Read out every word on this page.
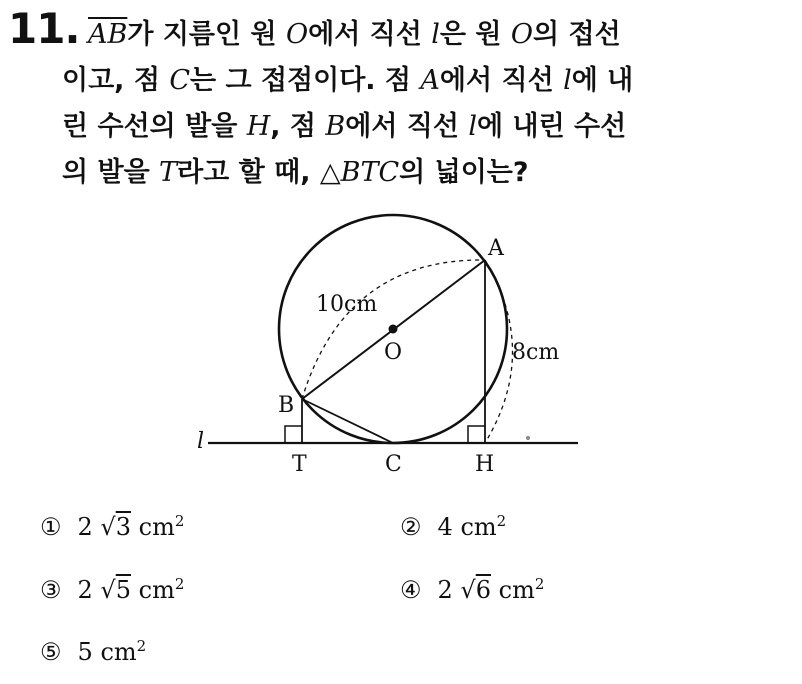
11. $\overline{AB}$가 지름인 원 O에서 직선 l은 원 O의 접선
이고, 점 C는 그 접점이다. 점 A에서 직선 l에 내
린 수선의 발을 H, 점 B에서 직선 l에 내린 수선
의 발을 T라고 할 때, △BTC의 넓이는?
A
B
O
T	C	H
l
10cm
8cm
① 2 √3 $cm^2$	② 4 $cm^2$
③ 2 √5 $cm^2$	④ 2 √6 $cm^2$
⑤ 5 $cm^2$
